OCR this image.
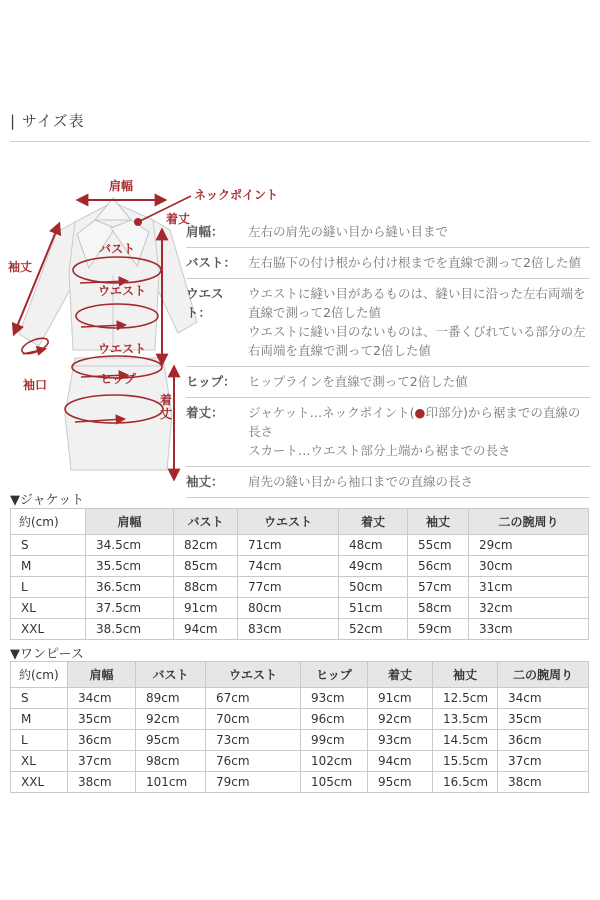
| サイズ表
肩幅
ネックポイント
着丈
袖丈
バスト
ウエスト
ウエスト
袖口	ヒップ
着丈
肩幅：	左右の肩先の縫い目から縫い目まで
バスト： 左右脇下の付け根から付け根までを直線で測って2倍した値
ウエスト：
ウエストに縫い目があるものは、縫い目に沿った左右両端を直線で測って2倍した値
ウエストに縫い目のないものは、一番くびれている部分の左右両端を直線で測って2倍した値
ヒップ： ヒップラインを直線で測って2倍した値
着丈：	ジャケット…ネックポイント(●印部分)から裾までの直線の長さ
スカート…ウエスト部分上端から裾までの長さ
袖丈：	肩先の縫い目から袖口までの直線の長さ
▼ジャケット
約(cm)	肩幅	バスト	ウエスト	着丈	袖丈	二の腕周り
S	34.5cm	82cm	71cm	48cm	55cm	29cm
M	35.5cm	85cm	74cm	49cm	56cm	30cm
L	36.5cm	88cm	77cm	50cm	57cm	31cm
XL	37.5cm	91cm	80cm	51cm	58cm	32cm
XXL	38.5cm	94cm	83cm	52cm	59cm	33cm
▼ワンピース
約(cm)	肩幅	バスト	ウエスト	ヒップ	着丈	袖丈	二の腕周り
S	34cm	89cm	67cm	93cm	91cm	12.5cm	34cm
M	35cm	92cm	70cm	96cm	92cm	13.5cm	35cm
L	36cm	95cm	73cm	99cm	93cm	14.5cm	36cm
XL	37cm	98cm	76cm	102cm	94cm	15.5cm	37cm
XXL	38cm	101cm	79cm	105cm	95cm	16.5cm	38cm
